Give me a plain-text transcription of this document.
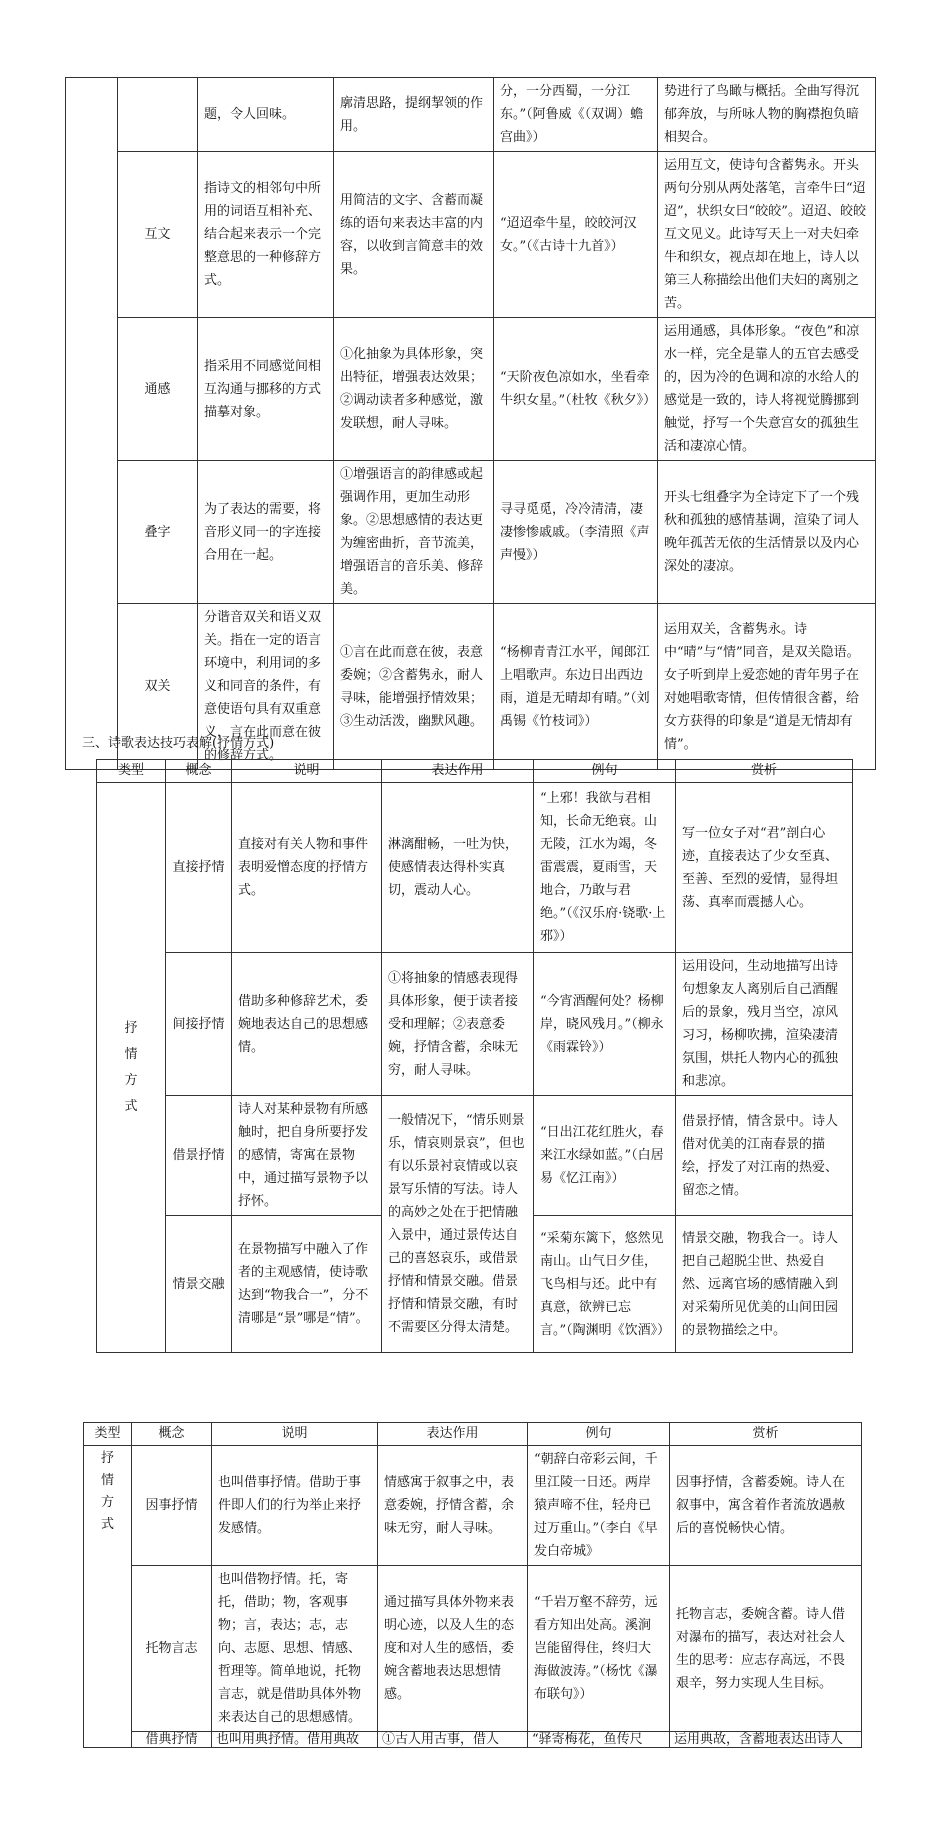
		题，令人回味。	廓清思路，提纲挈领的作用。	分，一分西蜀，一分江东。”（阿鲁威《（双调）蟾宫曲》）	势进行了鸟瞰与概括。全曲写得沉郁奔放，与所咏人物的胸襟抱负暗相契合。
	互文	指诗文的相邻句中所用的词语互相补充、结合起来表示一个完整意思的一种修辞方式。	用简洁的文字、含蓄而凝练的语句来表达丰富的内容，以收到言简意丰的效果。	“迢迢牵牛星，皎皎河汉女。”（《古诗十九首》）	运用互文，使诗句含蓄隽永。开头两句分别从两处落笔，言牵牛曰“迢迢”，状织女曰“皎皎”。迢迢、皎皎互文见义。此诗写天上一对夫妇牵牛和织女，视点却在地上，诗人以第三人称描绘出他们夫妇的离别之苦。
	通感	指采用不同感觉间相互沟通与挪移的方式描摹对象。	①化抽象为具体形象，突出特征，增强表达效果；②调动读者多种感觉，激发联想，耐人寻味。	“天阶夜色凉如水，坐看牵牛织女星。”（杜牧《秋夕》）	运用通感，具体形象。“夜色”和凉水一样，完全是靠人的五官去感受的，因为冷的色调和凉的水给人的感觉是一致的，诗人将视觉腾挪到触觉，抒写一个失意宫女的孤独生活和凄凉心情。
	叠字	为了表达的需要，将音形义同一的字连接合用在一起。	①增强语言的韵律感或起强调作用，更加生动形象。②思想感情的表达更为缠密曲折，音节流美，增强语言的音乐美、修辞美。	寻寻觅觅，冷冷清清，凄凄惨惨戚戚。（李清照《声声慢》）	开头七组叠字为全诗定下了一个残秋和孤独的感情基调，渲染了词人晚年孤苦无依的生活情景以及内心深处的凄凉。
	双关	分谐音双关和语义双关。指在一定的语言环境中，利用词的多义和同音的条件，有意使语句具有双重意义，言在此而意在彼的修辞方式。	①言在此而意在彼，表意委婉；②含蓄隽永，耐人寻味，能增强抒情效果；③生动活泼，幽默风趣。	“杨柳青青江水平，闻郎江上唱歌声。东边日出西边雨，道是无晴却有晴。”（刘禹锡《竹枝词》）	运用双关，含蓄隽永。诗中“晴”与“情”同音，是双关隐语。女子听到岸上爱恋她的青年男子在对她唱歌寄情，但传情很含蓄，给女方获得的印象是“道是无情却有情”。
三、诗歌表达技巧表解(抒情方式)
类型	概念	说明	表达作用	例句	赏析

抒情方式	直接抒情	直接对有关人物和事件表明爱憎态度的抒情方式。	淋漓酣畅，一吐为快，使感情表达得朴实真切，震动人心。	“上邪！我欲与君相知，长命无绝衰。山无陵，江水为竭，冬雷震震，夏雨雪，天地合，乃敢与君绝。”（《汉乐府·铙歌·上邪》）	写一位女子对“君”剖白心迹，直接表达了少女至真、至善、至烈的爱情，显得坦荡、真率而震撼人心。
	间接抒情	借助多种修辞艺术，委婉地表达自己的思想感情。	①将抽象的情感表现得具体形象，便于读者接受和理解；②表意委婉，抒情含蓄，余味无穷，耐人寻味。	“今宵酒醒何处？杨柳岸，晓风残月。”（柳永《雨霖铃》）	运用设问，生动地描写出诗句想象友人离别后自己酒醒后的景象，残月当空，凉风习习，杨柳吹拂，渲染凄清氛围，烘托人物内心的孤独和悲凉。
	借景抒情	诗人对某种景物有所感触时，把自身所要抒发的感情，寄寓在景物中，通过描写景物予以抒怀。	一般情况下，“情乐则景乐，情哀则景哀”，但也有以乐景衬哀情或以哀景写乐情的写法。诗人的高妙之处在于把情融入景中，通过景传达自己的喜怒哀乐，或借景抒情和情景交融。借景抒情和情景交融，有时不需要区分得太清楚。	“日出江花红胜火，春来江水绿如蓝。”（白居易《忆江南》）	借景抒情，情含景中。诗人借对优美的江南春景的描绘，抒发了对江南的热爱、留恋之情。
	情景交融	在景物描写中融入了作者的主观感情，使诗歌达到“物我合一”，分不清哪是“景”哪是“情”。		“采菊东篱下，悠然见南山。山气日夕佳，飞鸟相与还。此中有真意，欲辨已忘言。”（陶渊明《饮酒》）	情景交融，物我合一。诗人把自己超脱尘世、热爱自然、远离官场的感情融入到对采菊所见优美的山间田园的景物描绘之中。
类型	概念	说明	表达作用	例句	赏析

抒情方式	因事抒情	也叫借事抒情。借助于事件即人们的行为举止来抒发感情。	情感寓于叙事之中，表意委婉，抒情含蓄，余味无穷，耐人寻味。	“朝辞白帝彩云间，千里江陵一日还。两岸猿声啼不住，轻舟已过万重山。”（李白《早发白帝城》	因事抒情，含蓄委婉。诗人在叙事中，寓含着作者流放遇赦后的喜悦畅快心情。
	托物言志	也叫借物抒情。托，寄托，借助；物，客观事物；言，表达；志，志向、志愿、思想、情感、哲理等。简单地说，托物言志，就是借助具体外物来表达自己的思想感情。	通过描写具体外物来表明心迹，以及人生的态度和对人生的感悟，委婉含蓄地表达思想情感。	“千岩万壑不辞劳，远看方知出处高。溪涧岂能留得住，终归大海做波涛。”（杨忱《瀑布联句》）	托物言志，委婉含蓄。诗人借对瀑布的描写，表达对社会人生的思考：应志存高远，不畏艰辛，努力实现人生目标。
	借典抒情	也叫用典抒情。借用典故	①古人用古事，借人	“驿寄梅花，鱼传尺	运用典故，含蓄地表达出诗人
